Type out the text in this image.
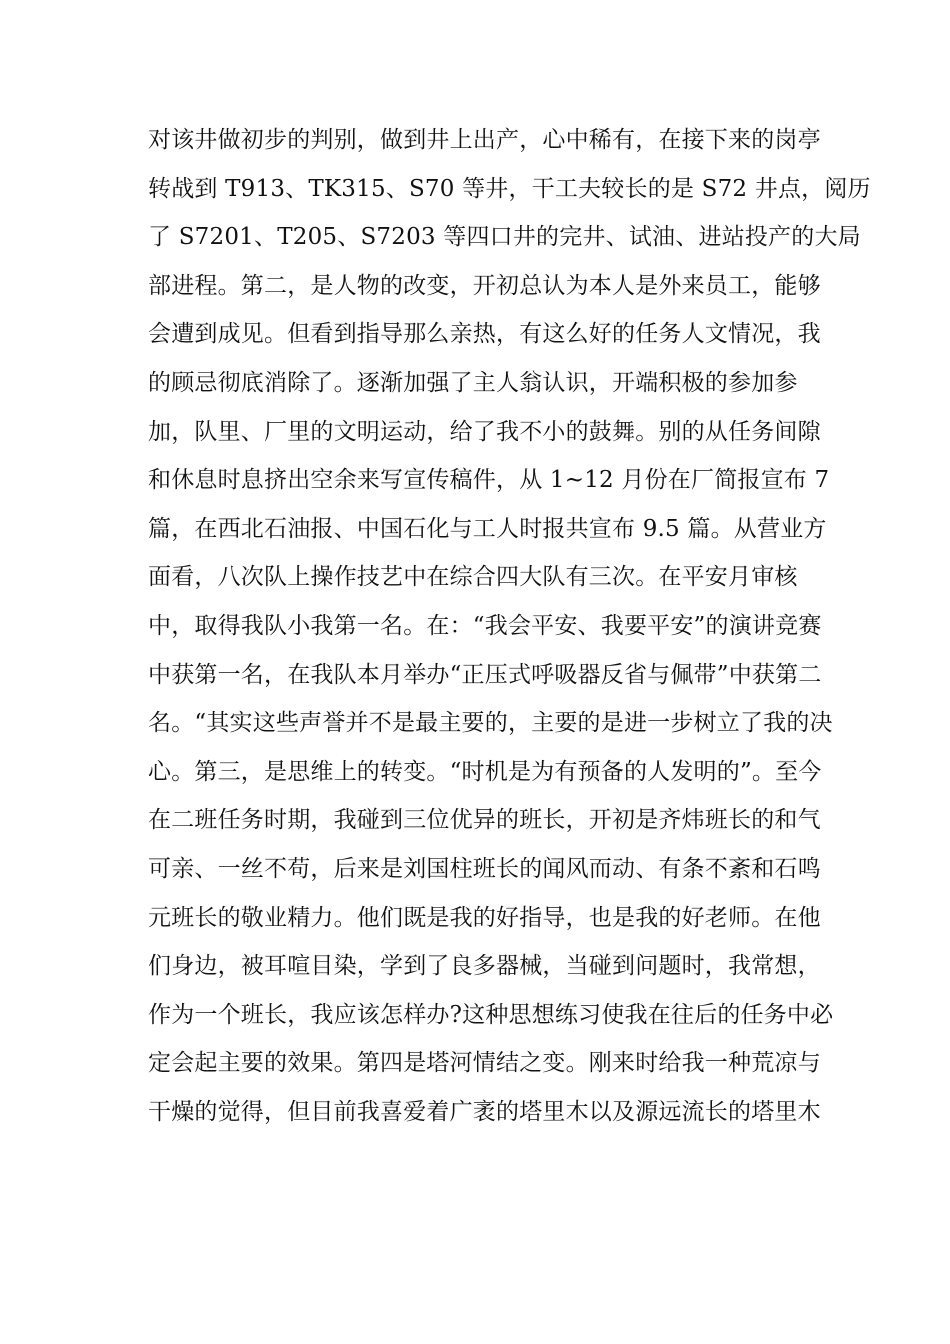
对该井做初步的判别，做到井上出产，心中稀有，在接下来的岗亭
转战到 T913、TK315、S70 等井，干工夫较长的是 S72 井点，阅历
了 S7201、T205、S7203 等四口井的完井、试油、进站投产的大局
部进程。第二，是人物的改变，开初总认为本人是外来员工，能够
会遭到成见。但看到指导那么亲热，有这么好的任务人文情况，我
的顾忌彻底消除了。逐渐加强了主人翁认识，开端积极的参加参
加，队里、厂里的文明运动，给了我不小的鼓舞。别的从任务间隙
和休息时息挤出空余来写宣传稿件，从 1~12 月份在厂简报宣布 7
篇，在西北石油报、中国石化与工人时报共宣布 9.5 篇。从营业方
面看，八次队上操作技艺中在综合四大队有三次。在平安月审核
中，取得我队小我第一名。在：“我会平安、我要平安”的演讲竞赛
中获第一名，在我队本月举办“正压式呼吸器反省与佩带”中获第二
名。“其实这些声誉并不是最主要的，主要的是进一步树立了我的决
心。第三，是思维上的转变。“时机是为有预备的人发明的”。至今
在二班任务时期，我碰到三位优异的班长，开初是齐炜班长的和气
可亲、一丝不苟，后来是刘国柱班长的闻风而动、有条不紊和石鸣
元班长的敬业精力。他们既是我的好指导，也是我的好老师。在他
们身边，被耳喧目染，学到了良多器械，当碰到问题时，我常想，
作为一个班长，我应该怎样办?这种思想练习使我在往后的任务中必
定会起主要的效果。第四是塔河情结之变。刚来时给我一种荒凉与
干燥的觉得，但目前我喜爱着广袤的塔里木以及源远流长的塔里木
